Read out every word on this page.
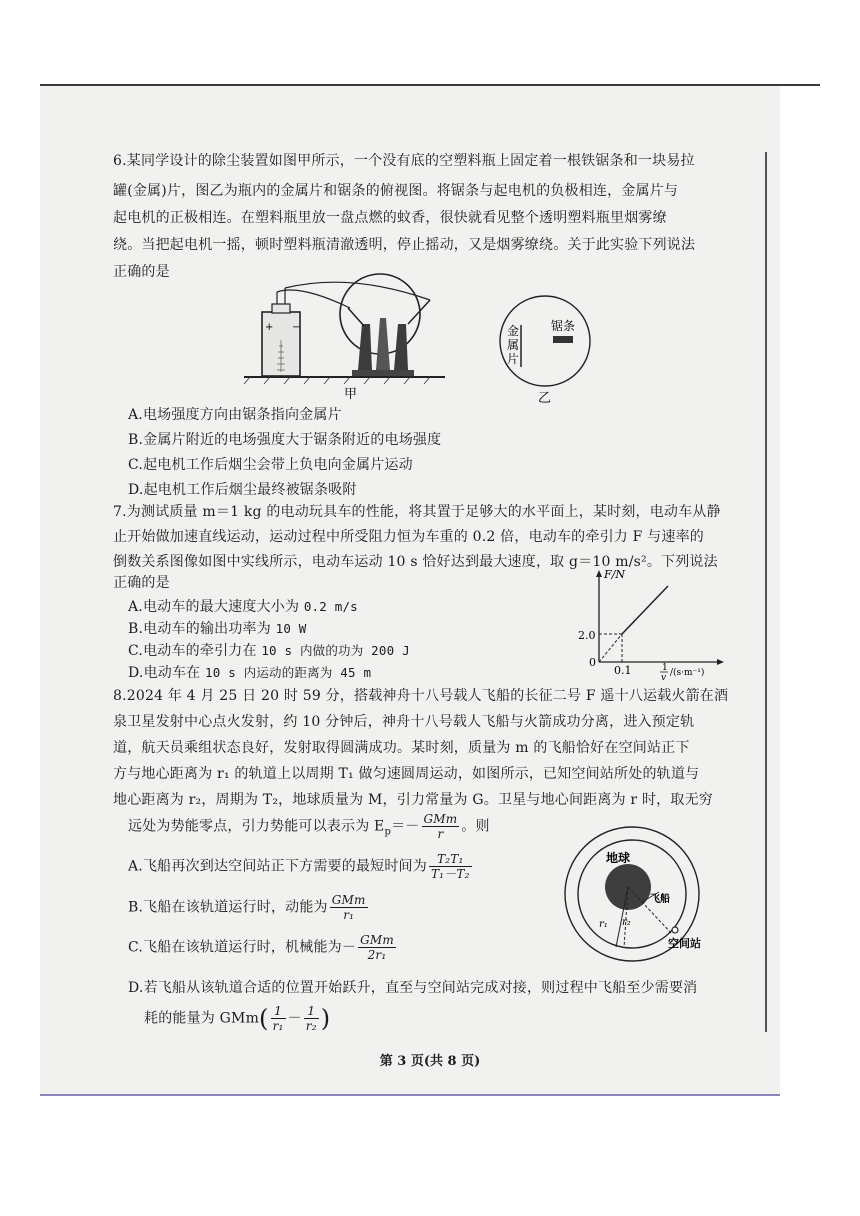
6.某同学设计的除尘装置如图甲所示，一个没有底的空塑料瓶上固定着一根铁锯条和一块易拉
罐(金属)片，图乙为瓶内的金属片和锯条的俯视图。将锯条与起电机的负极相连，金属片与
起电机的正极相连。在塑料瓶里放一盘点燃的蚊香，很快就看见整个透明塑料瓶里烟雾缭
绕。当把起电机一摇，顿时塑料瓶清澈透明，停止摇动，又是烟雾缭绕。关于此实验下列说法
正确的是
+ −
甲
金
属
片
锯条
乙
A.电场强度方向由锯条指向金属片
B.金属片附近的电场强度大于锯条附近的电场强度
C.起电机工作后烟尘会带上负电向金属片运动
D.起电机工作后烟尘最终被锯条吸附
7.为测试质量 m＝1 kg 的电动玩具车的性能，将其置于足够大的水平面上，某时刻，电动车从静
止开始做加速直线运动，运动过程中所受阻力恒为车重的 0.2 倍，电动车的牵引力 F 与速率的
倒数关系图像如图中实线所示，电动车运动 10 s 恰好达到最大速度，取 g＝10 m/s²。下列说法
正确的是
A.电动车的最大速度大小为 0.2 m/s
B.电动车的输出功率为 10 W
C.电动车的牵引力在 10 s 内做的功为 200 J
D.电动车在 10 s 内运动的距离为 45 m
F/N
2.0
0
0.1	1
v /(s·m⁻¹)
8.2024 年 4 月 25 日 20 时 59 分，搭载神舟十八号载人飞船的长征二号 F 遥十八运载火箭在酒
泉卫星发射中心点火发射，约 10 分钟后，神舟十八号载人飞船与火箭成功分离，进入预定轨
道，航天员乘组状态良好，发射取得圆满成功。某时刻，质量为 m 的飞船恰好在空间站正下
方与地心距离为 r₁ 的轨道上以周期 T₁ 做匀速圆周运动，如图所示，已知空间站所处的轨道与
地心距离为 r₂，周期为 T₂，地球质量为 M，引力常量为 G。卫星与地心间距离为 r 时，取无穷
远处为势能零点，引力势能可以表示为 $E_p=- \frac{\text{GMm}}{r}$ 。则
A.飞船再次到达空间站正下方需要的最短时间为 $\frac{\text{T₂T₁}}{\text{T₁－T₂}}$
B.飞船在该轨道运行时，动能为 $\frac{\text{GMm}}{\text{r₁}}$
C.飞船在该轨道运行时，机械能为－ $\frac{\text{GMm}}{\text{2r₁}}$
D.若飞船从该轨道合适的位置开始跃升，直至与空间站完成对接，则过程中飞船至少需要消
耗的能量为 $GMm( \frac{1}{\text{r₁}} - \frac{1}{\text{r₂}}$ )
地球
飞船
r₁ r₂
空间站
第 3 页(共 8 页)
